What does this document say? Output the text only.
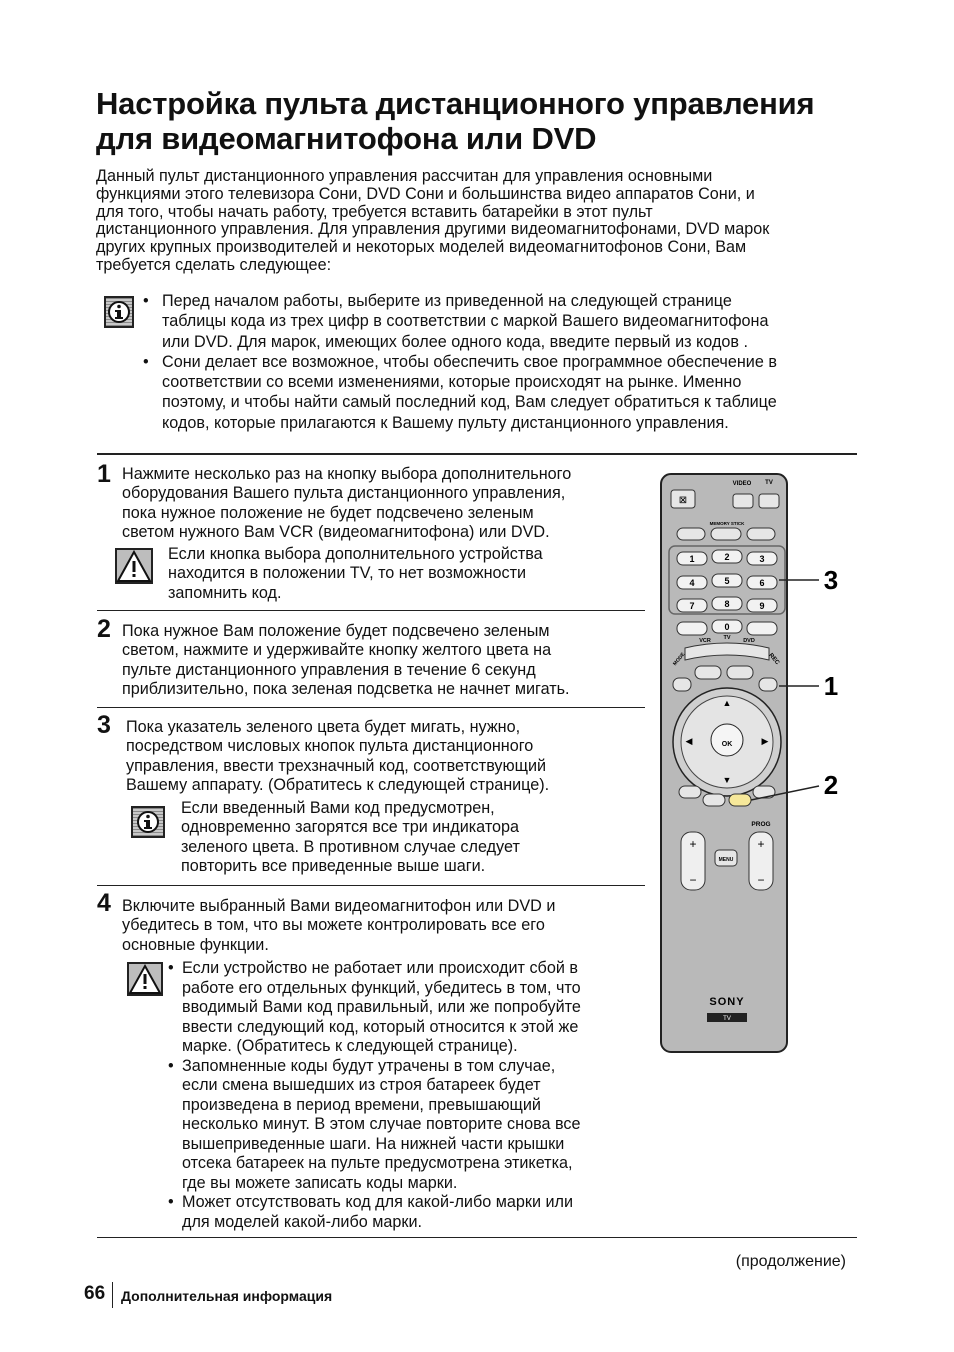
Настройка пульта дистанционного управления
для видеомагнитофона или DVD

Данный пульт дистанционного управления рассчитан для управления основными
функциями этого телевизора Сони, DVD Сони и большинства видео аппаратов Сони, и
для того, чтобы начать работу, требуется вставить батарейки в этот пульт
дистанционного управления. Для управления другими видеомагнитофонами, DVD марок
других крупных производителей и некоторых моделей видеомагнитофонов Сони, Вам
требуется сделать следующее:

• Перед началом работы, выберите из приведенной на следующей странице
таблицы кода из трех цифр в соответствии с маркой Вашего видеомагнитофона
или DVD. Для марок, имеющих более одного кода, введите первый из кодов .
• Сони делает все возможное, чтобы обеспечить свое программное обеспечение в
соответствии со всеми изменениями, которые происходят на рынке. Именно
поэтому, и чтобы найти самый последний код, Вам следует обратиться к таблице
кодов, которые прилагаются к Вашему пульту дистанционного управления.
1 Нажмите несколько раз на кнопку выбора дополнительного
оборудования Вашего пульта дистанционного управления,
пока нужное положение не будет подсвечено зеленым
светом нужного Вам VCR (видеомагнитофона) или DVD.

Если кнопка выбора дополнительного устройства
находится в положении TV, то нет возможности
запомнить код.

2 Пока нужное Вам положение будет подсвечено зеленым
светом, нажмите и удерживайте кнопку желтого цвета на
пульте дистанционного управления в течение 6 секунд
приблизительно, пока зеленая подсветка не начнет мигать.

3 Пока указатель зеленого цвета будет мигать, нужно,
посредством числовых кнопок пульта дистанционного
управления, ввести трехзначный код, соответствующий
Вашему аппарату. (Обратитесь к следующей странице).

Если введенный Вами код предусмотрен,
одновременно загорятся все три индикатора
зеленого цвета. В противном случае следует
повторить все приведенные выше шаги.

4 Включите выбранный Вами видеомагнитофон или DVD и
убедитесь в том, что вы можете контролировать все его
основные функции.

• Если устройство не работает или происходит сбой в
работе его отдельных функций, убедитесь в том, что
вводимый Вами код правильный, или же попробуйте
ввести следующий код, который относится к этой же
марке. (Обратитесь к следующей странице).
• Запомненные коды будут утрачены в том случае,
если смена вышедших из строя батареек будет
произведена в период времени, превышающий
несколько минут. В этом случае повторите снова все
вышеприведенные шаги. На нижней части крышки
отсека батареек на пульте предусмотрена этикетка,
где вы можете записать коды марки.
• Может отсутствовать код для какой-либо марки или
для моделей какой-либо марки.
⊠
VIDEO TV
MEMORY STICK
1	2	3
4	5	6
7	8	9
0
VCR TV DVD
MODE	REC
OK
▲
▼
◀	▶
+
−
+
−
PROG
MENU
SONY
TV
3
1
2
(продолжение)
66 Дополнительная информация
